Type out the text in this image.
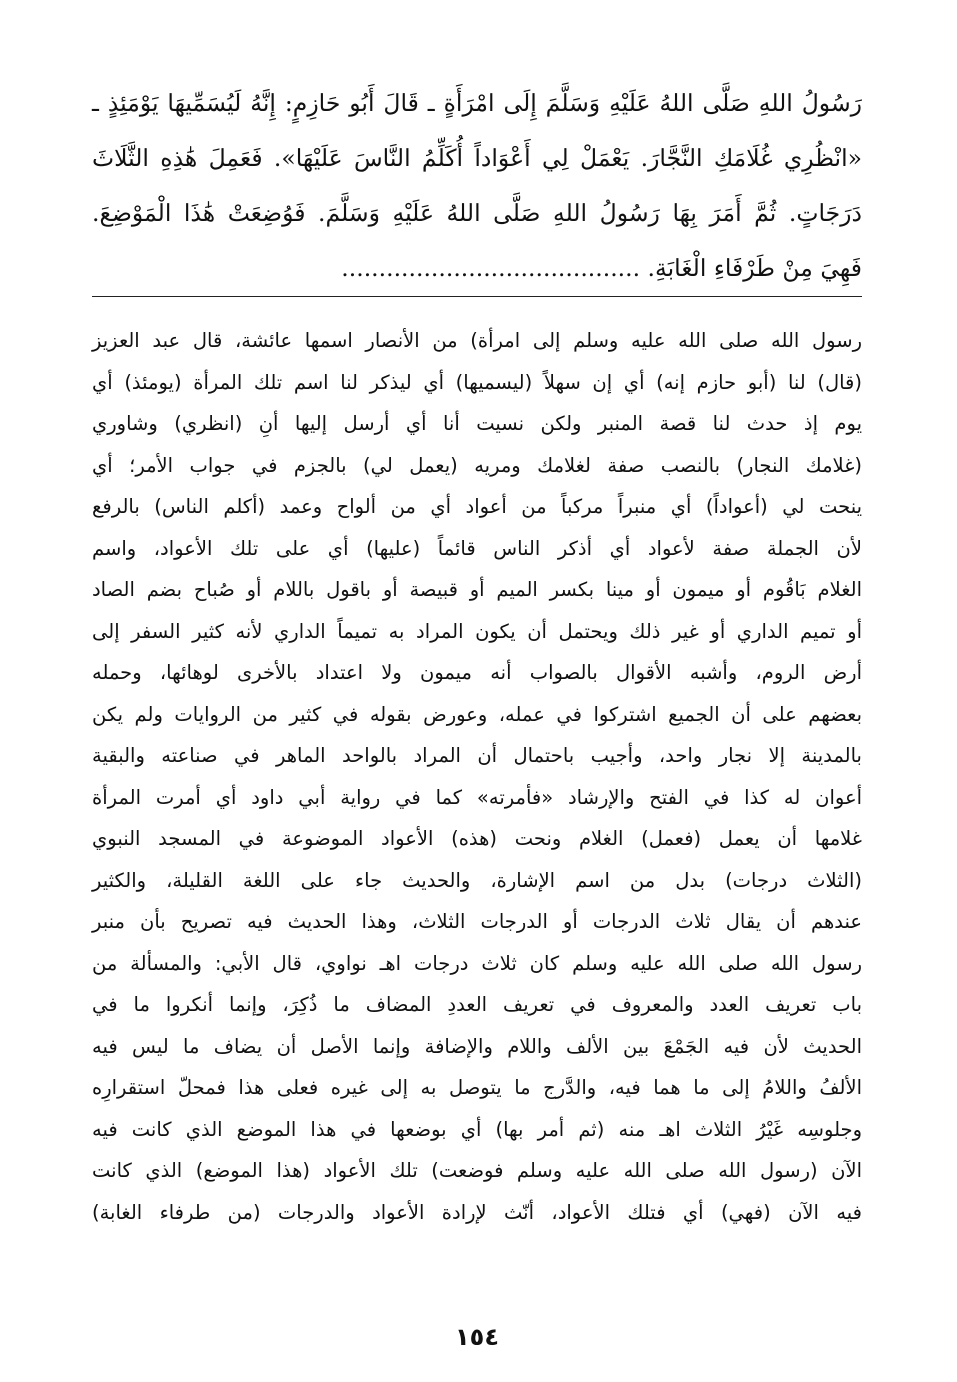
رَسُولُ اللهِ صَلَّى اللهُ عَلَيْهِ وَسَلَّمَ إِلَى امْرَأَةٍ ـ قَالَ أَبُو حَازِمٍ: إِنَّهُ لَيُسَمِّيهَا يَوْمَئِذٍ ـ
«انْظُرِي غُلَامَكِ النَّجَّارَ. يَعْمَلْ لِي أَعْوَاداً أُكَلِّمُ النَّاسَ عَلَيْهَا». فَعَمِلَ هَٰذِهِ الثَّلَاثَ
دَرَجَاتٍ. ثُمَّ أَمَرَ بِهَا رَسُولُ اللهِ صَلَّى اللهُ عَلَيْهِ وَسَلَّمَ. فَوُضِعَتْ هَٰذَا الْمَوْضِعَ.
فَهِيَ مِنْ طَرْفَاءِ الْغَابَةِ. ........................................
رسول الله صلى الله عليه وسلم إلى امرأة) من الأنصار اسمها عائشة، قال عبد العزيز
(قال) لنا (أبو حازم إنه) أي إن سهلاً (ليسميها) أي ليذكر لنا اسم تلك المرأة (يومئذ) أي
يوم إذ حدث لنا قصة المنبر ولكن نسيت أنا أي أرسل إليها أنِ (انظري) وشاوري
(غلامك النجار) بالنصب صفة لغلامك ومريه (يعمل لي) بالجزم في جواب الأمر؛ أي
ينحت لي (أعواداً) أي منبراً مركباً من أعواد أي من ألواح وعمد (أكلم الناس) بالرفع
لأن الجملة صفة لأعواد أي أذكر الناس قائماً (عليها) أي على تلك الأعواد، واسم
الغلام بَاقُوم أو ميمون أو مينا بكسر الميم أو قبيصة أو باقول باللام أو صُباح بضم الصاد
أو تميم الداري أو غير ذلك ويحتمل أن يكون المراد به تميماً الداري لأنه كثير السفر إلى
أرض الروم، وأشبه الأقوال بالصواب أنه ميمون ولا اعتداد بالأخرى لوهائها، وحمله
بعضهم على أن الجميع اشتركوا في عمله، وعورض بقوله في كثير من الروايات ولم يكن
بالمدينة إلا نجار واحد، وأجيب باحتمال أن المراد بالواحد الماهر في صناعته والبقية
أعوان له كذا في الفتح والإرشاد «فأمرته» كما في رواية أبي داود أي أمرت المرأة
غلامها أن يعمل (فعمل) الغلام ونحت (هذه) الأعواد الموضوعة في المسجد النبوي
(الثلاث درجات) بدل من اسم الإشارة، والحديث جاء على اللغة القليلة، والكثير
عندهم أن يقال ثلاث الدرجات أو الدرجات الثلاث، وهذا الحديث فيه تصريح بأن منبر
رسول الله صلى الله عليه وسلم كان ثلاث درجات اهـ نواوي، قال الأبي: والمسألة من
باب تعريف العدد والمعروف في تعريف العددِ المضاف ما ذُكِرَ، وإنما أنكروا ما في
الحديث لأن فيه الجَمْعَ بين الألف واللام والإضافة وإنما الأصل أن يضاف ما ليس فيه
الألفُ واللامُ إلى ما هما فيه، والدَّرج ما يتوصل به إلى غيره فعلى هذا فمحلّ استقرارِه
وجلوسِه غَيْرُ الثلاث اهـ منه (ثم أمر بها) أي بوضعها في هذا الموضع الذي كانت فيه
الآن (رسول الله صلى الله عليه وسلم فوضعت) تلك الأعواد (هذا الموضع) الذي كانت
فيه الآن (فهي) أي فتلك الأعواد، أنّث لإرادة الأعواد والدرجات (من طرفاء الغابة)
١٥٤
